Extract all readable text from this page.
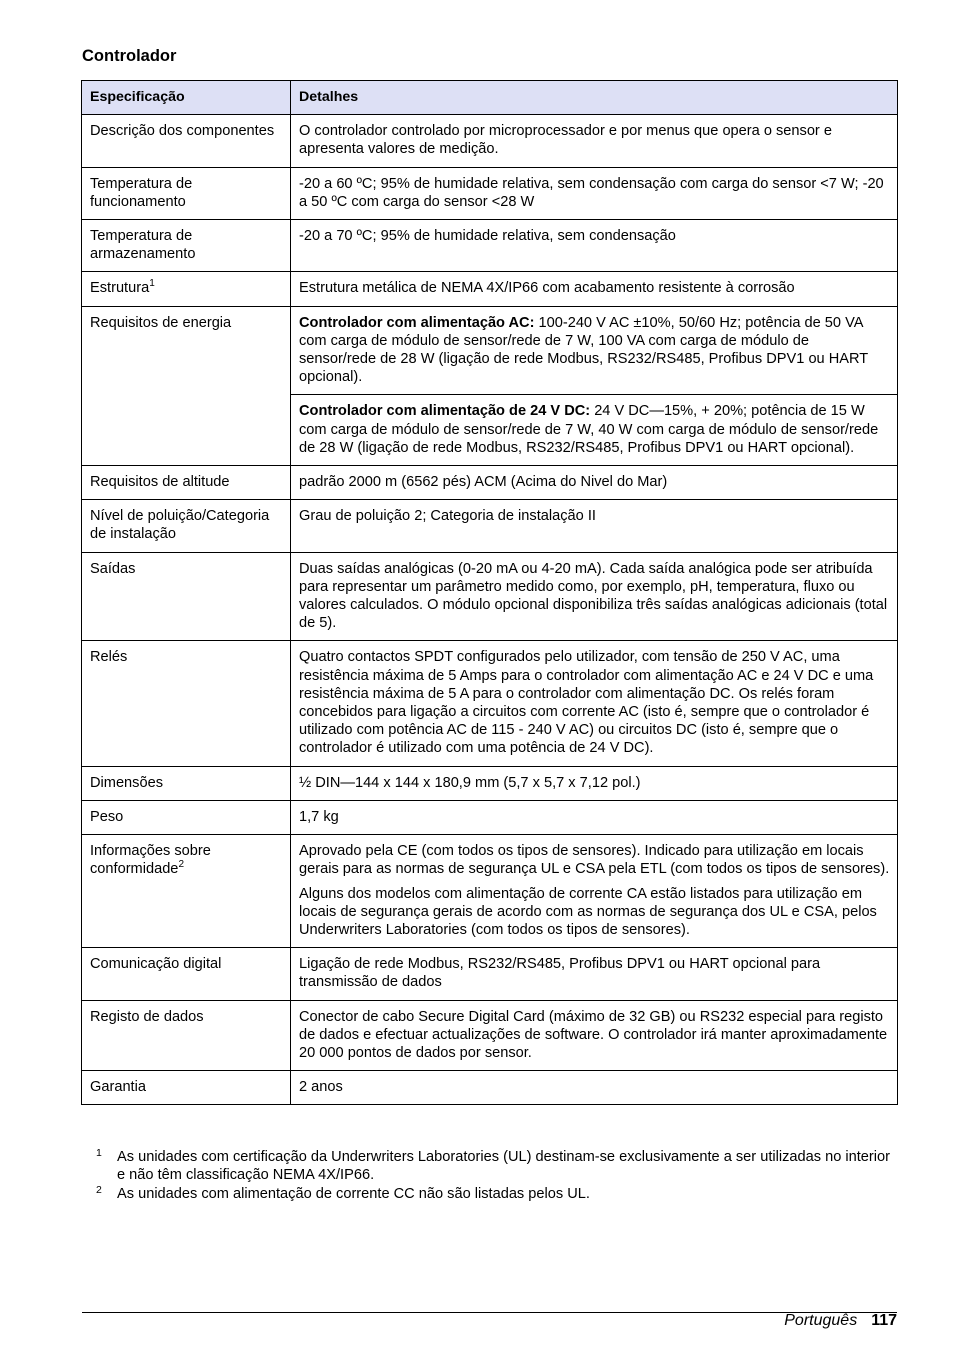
Controlador
Especificação	Detalhes
Descrição dos componentes	O controlador controlado por microprocessador e por menus que opera o sensor e apresenta valores de medição.

Temperatura de funcionamento	-20 a 60 ºC; 95% de humidade relativa, sem condensação com carga do sensor <7 W; -20 a 50 ºC com carga do sensor <28 W

Temperatura de armazenamento	-20 a 70 ºC; 95% de humidade relativa, sem condensação

Estrutura$^1$	Estrutura metálica de NEMA 4X/IP66 com acabamento resistente à corrosão

Requisitos de energia	Controlador com alimentação AC: 100-240 V AC ±10%, 50/60 Hz; potência de 50 VA com carga de módulo de sensor/rede de 7 W, 100 VA com carga de módulo de sensor/rede de 28 W (ligação de rede Modbus, RS232/RS485, Profibus DPV1 ou HART opcional).

	Controlador com alimentação de 24 V DC: 24 V DC—15%, + 20%; potência de 15 W com carga de módulo de sensor/rede de 7 W, 40 W com carga de módulo de sensor/rede de 28 W (ligação de rede Modbus, RS232/RS485, Profibus DPV1 ou HART opcional).

Requisitos de altitude	padrão 2000 m (6562 pés) ACM (Acima do Nivel do Mar)

Nível de poluição/Categoria de instalação	Grau de poluição 2; Categoria de instalação II

Saídas	Duas saídas analógicas (0-20 mA ou 4-20 mA). Cada saída analógica pode ser atribuída para representar um parâmetro medido como, por exemplo, pH, temperatura, fluxo ou valores calculados. O módulo opcional disponibiliza três saídas analógicas adicionais (total de 5).

Relés	Quatro contactos SPDT configurados pelo utilizador, com tensão de 250 V AC, uma resistência máxima de 5 Amps para o controlador com alimentação AC e 24 V DC e uma resistência máxima de 5 A para o controlador com alimentação DC. Os relés foram concebidos para ligação a circuitos com corrente AC (isto é, sempre que o controlador é utilizado com potência AC de 115 - 240 V AC) ou circuitos DC (isto é, sempre que o controlador é utilizado com uma potência de 24 V DC).

Dimensões	½ DIN—144 x 144 x 180,9 mm (5,7 x 5,7 x 7,12 pol.)

Peso	1,7 kg

Informações sobre conformidade$^2$	Aprovado pela CE (com todos os tipos de sensores). Indicado para utilização em locais gerais para as normas de segurança UL e CSA pela ETL (com todos os tipos de sensores).

Alguns dos modelos com alimentação de corrente CA estão listados para utilização em locais de segurança gerais de acordo com as normas de segurança dos UL e CSA, pelos Underwriters Laboratories (com todos os tipos de sensores).

Comunicação digital	Ligação de rede Modbus, RS232/RS485, Profibus DPV1 ou HART opcional para transmissão de dados

Registo de dados	Conector de cabo Secure Digital Card (máximo de 32 GB) ou RS232 especial para registo de dados e efectuar actualizações de software. O controlador irá manter aproximadamente 20 000 pontos de dados por sensor.

Garantia	2 anos

1 As unidades com certificação da Underwriters Laboratories (UL) destinam-se exclusivamente a ser utilizadas no interior e não têm classificação NEMA 4X/IP66.
2 As unidades com alimentação de corrente CC não são listadas pelos UL.
Português 117
